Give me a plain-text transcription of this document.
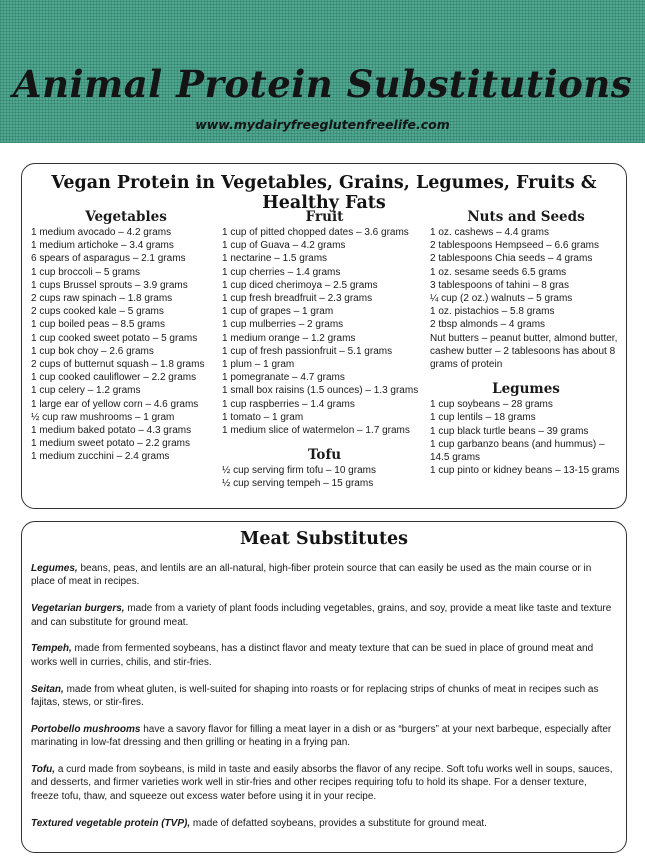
Animal Protein Substitutions
www.mydairyfreeglutenfreelife.com
Vegan Protein in Vegetables, Grains, Legumes, Fruits & Healthy Fats
Vegetables
1 medium avocado – 4.2 grams
1 medium artichoke – 3.4 grams
6 spears of asparagus – 2.1 grams
1 cup broccoli – 5 grams
1 cups Brussel sprouts – 3.9 grams
2 cups raw spinach – 1.8 grams
2 cups cooked kale – 5 grams
1 cup boiled peas – 8.5 grams
1 cup cooked sweet potato – 5 grams
1 cup bok choy – 2.6 grams
2 cups of butternut squash – 1.8 grams
1 cup cooked cauliflower – 2.2 grams
1 cup celery – 1.2 grams
1 large ear of yellow corn – 4.6 grams
½ cup raw mushrooms – 1 gram
1 medium baked potato – 4.3 grams
1 medium sweet potato – 2.2 grams
1 medium zucchini – 2.4 grams
Fruit
1 cup of pitted chopped dates – 3.6 grams
1 cup of Guava – 4.2 grams
1 nectarine – 1.5 grams
1 cup cherries – 1.4 grams
1 cup diced cherimoya – 2.5 grams
1 cup fresh breadfruit – 2.3 grams
1 cup of grapes – 1 gram
1 cup mulberries – 2 grams
1 medium orange – 1.2 grams
1 cup of fresh passionfruit – 5.1 grams
1 plum – 1 gram
1 pomegranate – 4.7 grams
1 small box raisins (1.5 ounces) – 1.3 grams
1 cup raspberries – 1.4 grams
1 tomato – 1 gram
1 medium slice of watermelon – 1.7 grams
Tofu
½ cup serving firm tofu – 10 grams
½ cup serving tempeh – 15 grams
Nuts and Seeds
1 oz. cashews – 4.4 grams
2 tablespoons Hempseed – 6.6 grams
2 tablespoons Chia seeds – 4 grams
1 oz. sesame seeds 6.5 grams
3 tablespoons of tahini – 8 gras
¼ cup (2 oz.) walnuts – 5 grams
1 oz. pistachios – 5.8 grams
2 tbsp almonds – 4 grams
Nut butters – peanut butter, almond butter, cashew butter – 2 tablesoons has about 8 grams of protein
Legumes
1 cup soybeans – 28 grams
1 cup lentils – 18 grams
1 cup black turtle beans – 39 grams
1 cup garbanzo beans (and hummus) – 14.5 grams
1 cup pinto or kidney beans – 13-15 grams
Meat Substitutes

Legumes, beans, peas, and lentils are an all-natural, high-fiber protein source that can easily be used as the main course or in place of meat in recipes.

Vegetarian burgers, made from a variety of plant foods including vegetables, grains, and soy, provide a meat like taste and texture and can substitute for ground meat.

Tempeh, made from fermented soybeans, has a distinct flavor and meaty texture that can be sued in place of ground meat and works well in curries, chilis, and stir-fries.

Seitan, made from wheat gluten, is well-suited for shaping into roasts or for replacing strips of chunks of meat in recipes such as fajitas, stews, or stir-fires.

Portobello mushrooms have a savory flavor for filling a meat layer in a dish or as “burgers” at your next barbeque, especially after marinating in low-fat dressing and then grilling or heating in a frying pan.

Tofu, a curd made from soybeans, is mild in taste and easily absorbs the flavor of any recipe. Soft tofu works well in soups, sauces, and desserts, and firmer varieties work well in stir-fries and other recipes requiring tofu to hold its shape. For a denser texture, freeze tofu, thaw, and squeeze out excess water before using it in your recipe.

Textured vegetable protein (TVP), made of defatted soybeans, provides a substitute for ground meat.
